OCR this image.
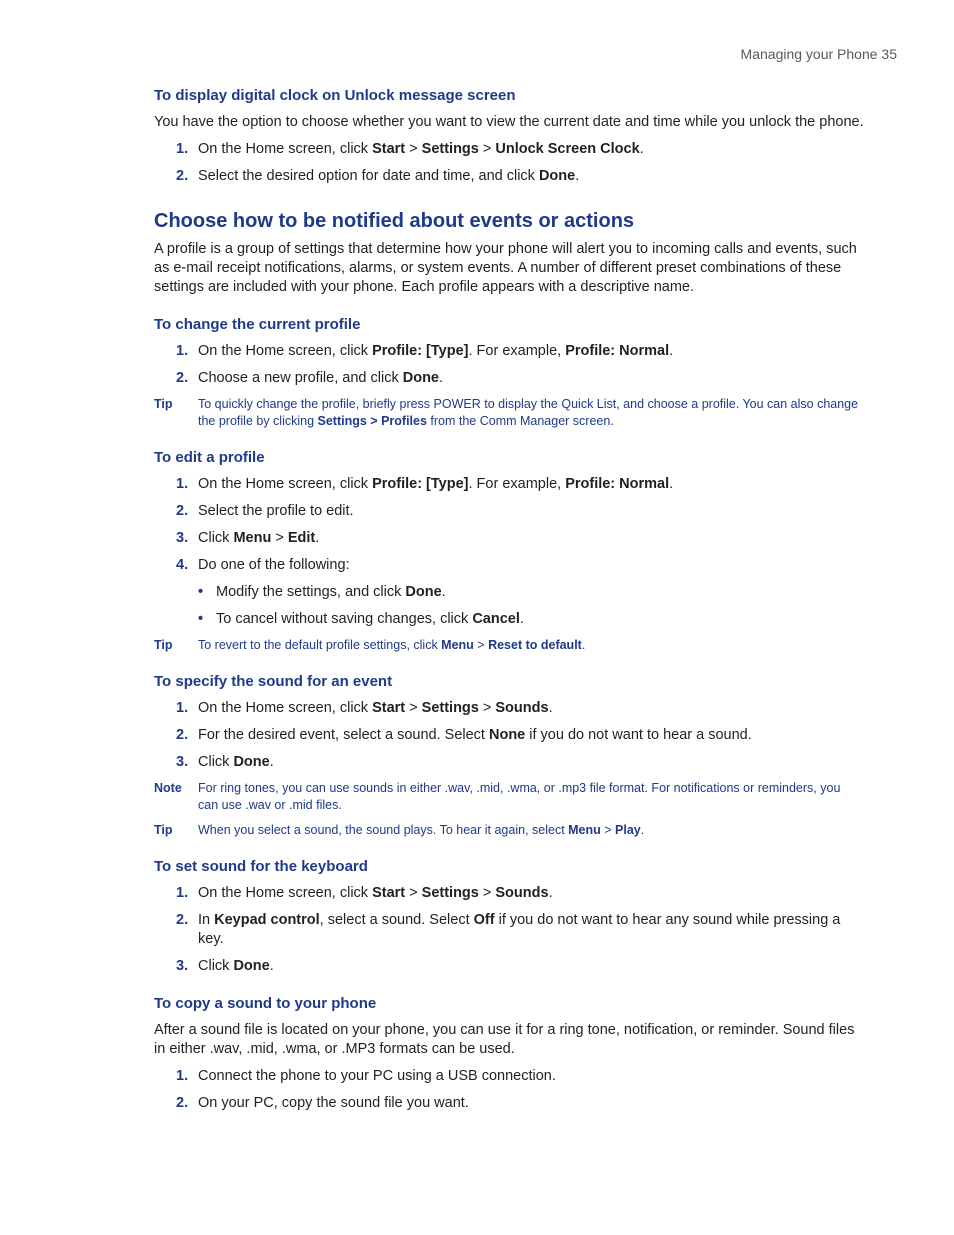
Managing your Phone 35
To display digital clock on Unlock message screen

You have the option to choose whether you want to view the current date and time while you unlock the phone.

1. On the Home screen, click Start > Settings > Unlock Screen Clock.
2. Select the desired option for date and time, and click Done.
Choose how to be notified about events or actions

A profile is a group of settings that determine how your phone will alert you to incoming calls and events, such as e-mail receipt notifications, alarms, or system events. A number of different preset combinations of these settings are included with your phone. Each profile appears with a descriptive name.

To change the current profile
1. On the Home screen, click Profile: [Type]. For example, Profile: Normal.
2. Choose a new profile, and click Done.
Tip	To quickly change the profile, briefly press POWER to display the Quick List, and choose a profile. You can also change the profile by clicking Settings > Profiles from the Comm Manager screen.
To edit a profile
1. On the Home screen, click Profile: [Type]. For example, Profile: Normal.
2. Select the profile to edit.
3. Click Menu > Edit.
4. Do one of the following:
• Modify the settings, and click Done.
• To cancel without saving changes, click Cancel.
Tip	To revert to the default profile settings, click Menu > Reset to default.
To specify the sound for an event
1. On the Home screen, click Start > Settings > Sounds.
2. For the desired event, select a sound. Select None if you do not want to hear a sound.
3. Click Done.
Note	For ring tones, you can use sounds in either .wav, .mid, .wma, or .mp3 file format. For notifications or reminders, you can use .wav or .mid files.
Tip	When you select a sound, the sound plays. To hear it again, select Menu > Play.
To set sound for the keyboard
1. On the Home screen, click Start > Settings > Sounds.
2. In Keypad control, select a sound. Select Off if you do not want to hear any sound while pressing a key.
3. Click Done.
To copy a sound to your phone

After a sound file is located on your phone, you can use it for a ring tone, notification, or reminder. Sound files in either .wav, .mid, .wma, or .MP3 formats can be used.

1. Connect the phone to your PC using a USB connection.
2. On your PC, copy the sound file you want.
